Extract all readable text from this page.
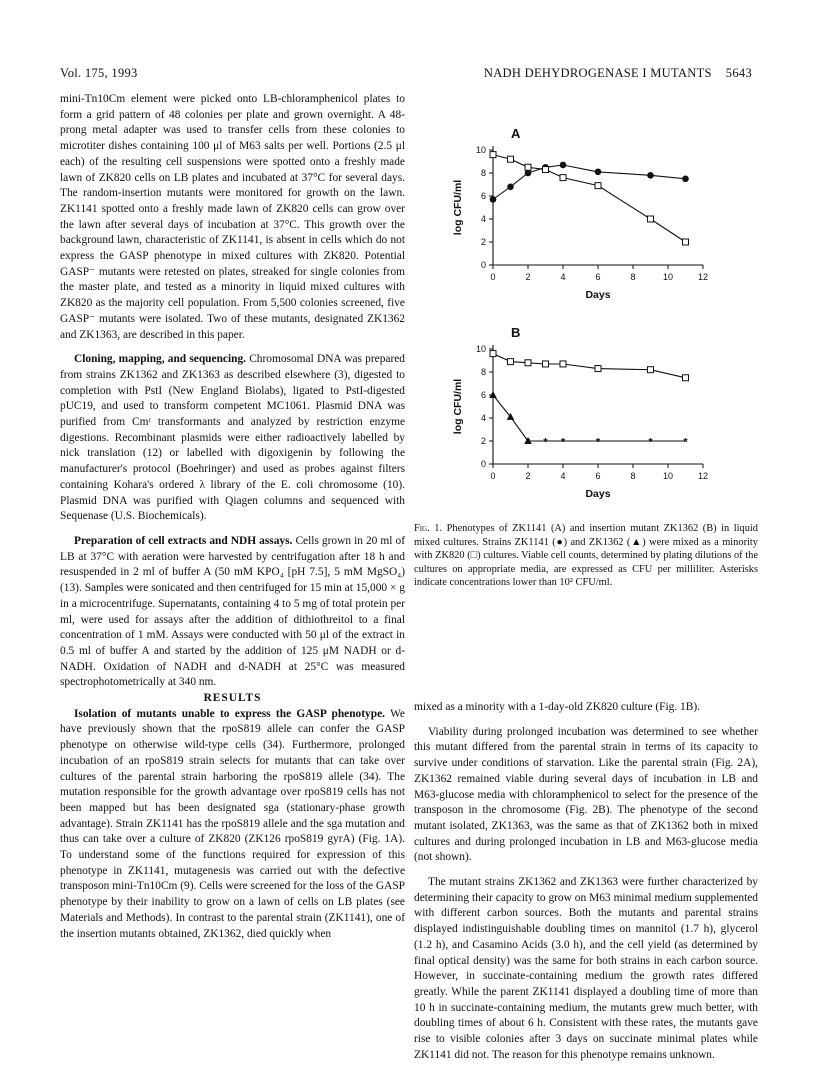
Vol. 175, 1993	NADH DEHYDROGENASE I MUTANTS 5643

mini-Tn10Cm element were picked onto LB-chloramphenicol plates to form a grid pattern of 48 colonies per plate and grown overnight. A 48-prong metal adapter was used to transfer cells from these colonies to microtiter dishes containing 100 μl of M63 salts per well. Portions (2.5 μl each) of the resulting cell suspensions were spotted onto a freshly made lawn of ZK820 cells on LB plates and incubated at 37°C for several days. The random-insertion mutants were monitored for growth on the lawn. ZK1141 spotted onto a freshly made lawn of ZK820 cells can grow over the lawn after several days of incubation at 37°C. This growth over the background lawn, characteristic of ZK1141, is absent in cells which do not express the GASP phenotype in mixed cultures with ZK820. Potential GASP⁻ mutants were retested on plates, streaked for single colonies from the master plate, and tested as a minority in liquid mixed cultures with ZK820 as the majority cell population. From 5,500 colonies screened, five GASP⁻ mutants were isolated. Two of these mutants, designated ZK1362 and ZK1363, are described in this paper.

Cloning, mapping, and sequencing. Chromosomal DNA was prepared from strains ZK1362 and ZK1363 as described elsewhere (3), digested to completion with PstI (New England Biolabs), ligated to PstI-digested pUC19, and used to transform competent MC1061. Plasmid DNA was purified from Cmʳ transformants and analyzed by restriction enzyme digestions. Recombinant plasmids were either radioactively labelled by nick translation (12) or labelled with digoxigenin by following the manufacturer's protocol (Boehringer) and used as probes against filters containing Kohara's ordered λ library of the E. coli chromosome (10). Plasmid DNA was purified with Qiagen columns and sequenced with Sequenase (U.S. Biochemicals).

Preparation of cell extracts and NDH assays. Cells grown in 20 ml of LB at 37°C with aeration were harvested by centrifugation after 18 h and resuspended in 2 ml of buffer A (50 mM KPO₄ [pH 7.5], 5 mM MgSO₄) (13). Samples were sonicated and then centrifuged for 15 min at 15,000 × g in a microcentrifuge. Supernatants, containing 4 to 5 mg of total protein per ml, were used for assays after the addition of dithiothreitol to a final concentration of 1 mM. Assays were conducted with 50 μl of the extract in 0.5 ml of buffer A and started by the addition of 125 μM NADH or d-NADH. Oxidation of NADH and d-NADH at 25°C was measured spectrophotometrically at 340 nm.

RESULTS

Isolation of mutants unable to express the GASP phenotype. We have previously shown that the rpoS819 allele can confer the GASP phenotype on otherwise wild-type cells (34). Furthermore, prolonged incubation of an rpoS819 strain selects for mutants that can take over cultures of the parental strain harboring the rpoS819 allele (34). The mutation responsible for the growth advantage over rpoS819 cells has not been mapped but has been designated sga (stationary-phase growth advantage). Strain ZK1141 has the rpoS819 allele and the sga mutation and thus can take over a culture of ZK820 (ZK126 rpoS819 gyrA) (Fig. 1A). To understand some of the functions required for expression of this phenotype in ZK1141, mutagenesis was carried out with the defective transposon mini-Tn10Cm (9). Cells were screened for the loss of the GASP phenotype by their inability to grow on a lawn of cells on LB plates (see Materials and Methods). In contrast to the parental strain (ZK1141), one of the insertion mutants obtained, ZK1362, died quickly when

0	2	4	6	8	10	12
0
2
4
6
8
10
Days
log CFU/ml
A
0	2	4	6	8	10	12
0
2
4
6
8
10
Days
log CFU/ml
B
* * *	*	*	*
Fig. 1. Phenotypes of ZK1141 (A) and insertion mutant ZK1362 (B) in liquid mixed cultures. Strains ZK1141 (●) and ZK1362 (▲) were mixed as a minority with ZK820 (□) cultures. Viable cell counts, determined by plating dilutions of the cultures on appropriate media, are expressed as CFU per milliliter. Asterisks indicate concentrations lower than 10² CFU/ml.

mixed as a minority with a 1-day-old ZK820 culture (Fig. 1B).

Viability during prolonged incubation was determined to see whether this mutant differed from the parental strain in terms of its capacity to survive under conditions of starvation. Like the parental strain (Fig. 2A), ZK1362 remained viable during several days of incubation in LB and M63-glucose media with chloramphenicol to select for the presence of the transposon in the chromosome (Fig. 2B). The phenotype of the second mutant isolated, ZK1363, was the same as that of ZK1362 both in mixed cultures and during prolonged incubation in LB and M63-glucose media (not shown).

The mutant strains ZK1362 and ZK1363 were further characterized by determining their capacity to grow on M63 minimal medium supplemented with different carbon sources. Both the mutants and parental strains displayed indistinguishable doubling times on mannitol (1.7 h), glycerol (1.2 h), and Casamino Acids (3.0 h), and the cell yield (as determined by final optical density) was the same for both strains in each carbon source. However, in succinate-containing medium the growth rates differed greatly. While the parent ZK1141 displayed a doubling time of more than 10 h in succinate-containing medium, the mutants grew much better, with doubling times of about 6 h. Consistent with these rates, the mutants gave rise to visible colonies after 3 days on succinate minimal plates while ZK1141 did not. The reason for this phenotype remains unknown.
